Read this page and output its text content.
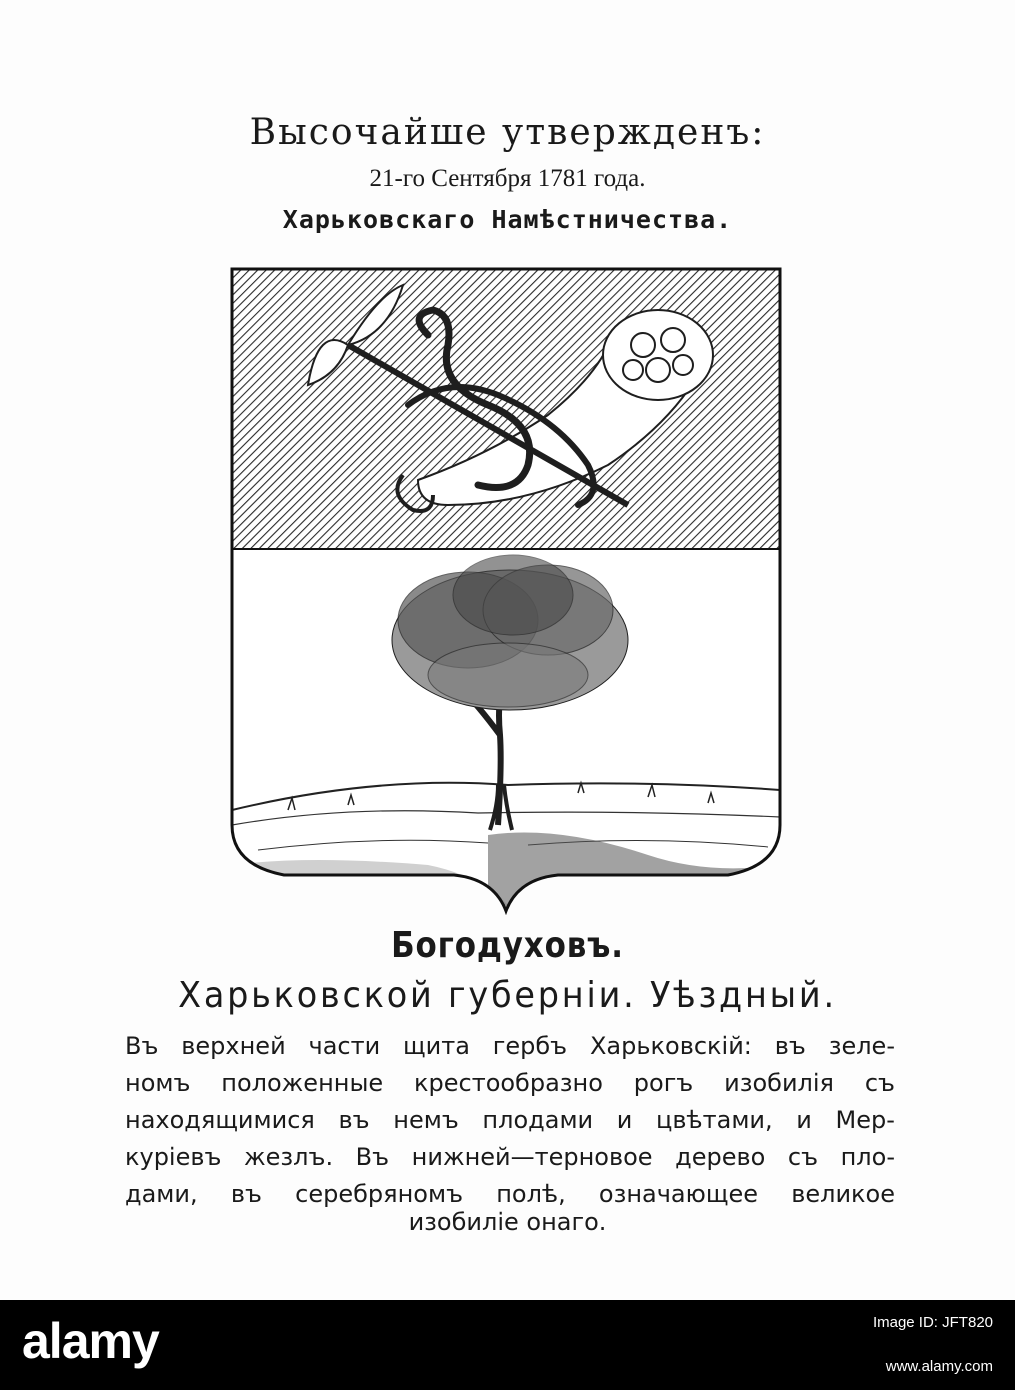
Высочайше утвержденъ:
21-го Сентября 1781 года.
Харьковскаго Намѣстничества.
Богодуховъ.
Харьковской губерніи. Уѣздный.
Въ верхней части щита гербъ Харьковскій: въ зеле-
номъ положенные крестообразно рогъ изобилія съ
находящимися въ немъ плодами и цвѣтами, и Мер-
куріевъ жезлъ. Въ нижней—терновое дерево съ пло-
дами, въ серебряномъ полѣ, означающее великое
изобиліе онаго.
alamy	Image ID: JFT820
www.alamy.com
